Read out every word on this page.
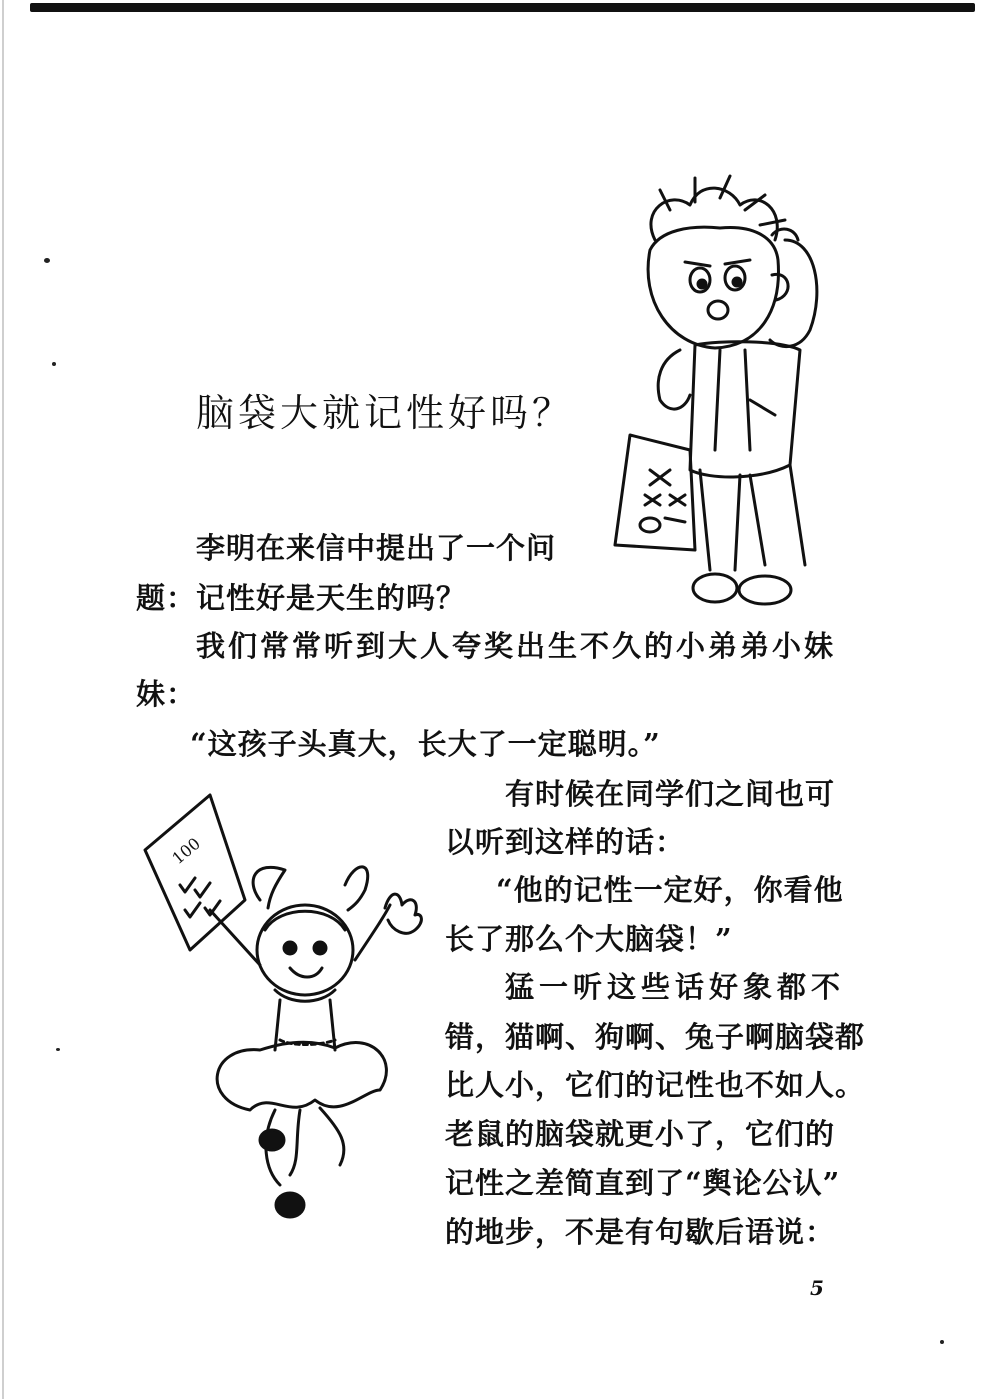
脑袋大就记性好吗？
100
李明在来信中提出了一个问
题：记性好是天生的吗？
我们常常听到大人夸奖出生不久的小弟弟小妹
妹：
“这孩子头真大，长大了一定聪明。”
有时候在同学们之间也可
以听到这样的话：
“他的记性一定好，你看他
长了那么个大脑袋！”
猛一听这些话好象都不
错，猫啊、狗啊、兔子啊脑袋都
比人小，它们的记性也不如人。
老鼠的脑袋就更小了，它们的
记性之差简直到了“舆论公认”
的地步，不是有句歇后语说：
5
